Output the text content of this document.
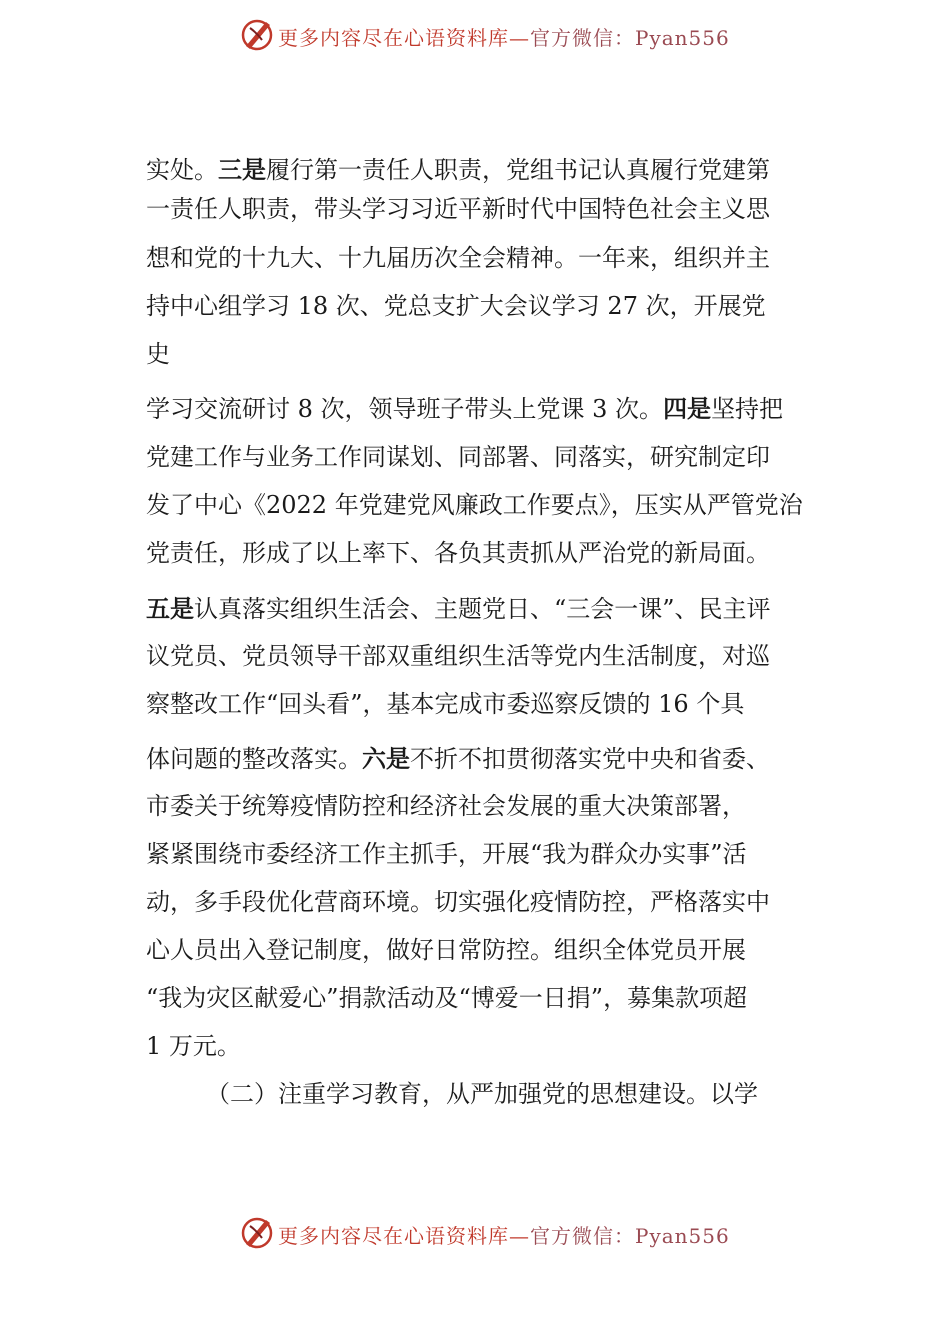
更多内容尽在心语资料库—官方微信：Pyan556
实处。三是履行第一责任人职责，党组书记认真履行党建第
一责任人职责，带头学习习近平新时代中国特色社会主义思
想和党的十九大、十九届历次全会精神。一年来，组织并主
持中心组学习 18 次、党总支扩大会议学习 27 次，开展党
史
学习交流研讨 8 次，领导班子带头上党课 3 次。四是坚持把
党建工作与业务工作同谋划、同部署、同落实，研究制定印
发了中心《2022 年党建党风廉政工作要点》，压实从严管党治
党责任，形成了以上率下、各负其责抓从严治党的新局面。
五是认真落实组织生活会、主题党日、“三会一课”、民主评
议党员、党员领导干部双重组织生活等党内生活制度，对巡
察整改工作“回头看”，基本完成市委巡察反馈的 16 个具
体问题的整改落实。六是不折不扣贯彻落实党中央和省委、
市委关于统筹疫情防控和经济社会发展的重大决策部署，
紧紧围绕市委经济工作主抓手，开展“我为群众办实事”活
动，多手段优化营商环境。切实强化疫情防控，严格落实中
心人员出入登记制度，做好日常防控。组织全体党员开展
“我为灾区献爱心”捐款活动及“博爱一日捐”，募集款项超
1 万元。
（二）注重学习教育，从严加强党的思想建设。以学
更多内容尽在心语资料库—官方微信：Pyan556
